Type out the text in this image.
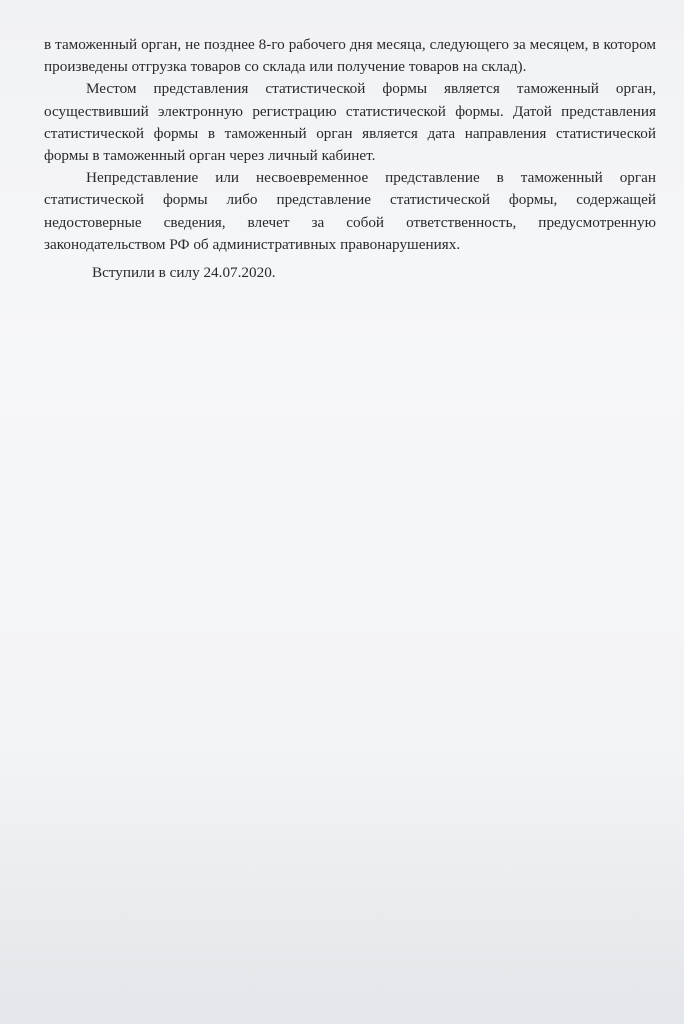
в таможенный орган, не позднее 8-го рабочего дня месяца, следующего за месяцем, в котором произведены отгрузка товаров со склада или получение товаров на склад).

Местом представления статистической формы является таможенный орган, осуществивший электронную регистрацию статистической формы. Датой представления статистической формы в таможенный орган является дата направления статистической формы в таможенный орган через личный кабинет.

Непредставление или несвоевременное представление в таможенный орган статистической формы либо представление статистической формы, содержащей недостоверные сведения, влечет за собой ответственность, предусмотренную законодательством РФ об административных правонарушениях.

Вступили в силу 24.07.2020.
